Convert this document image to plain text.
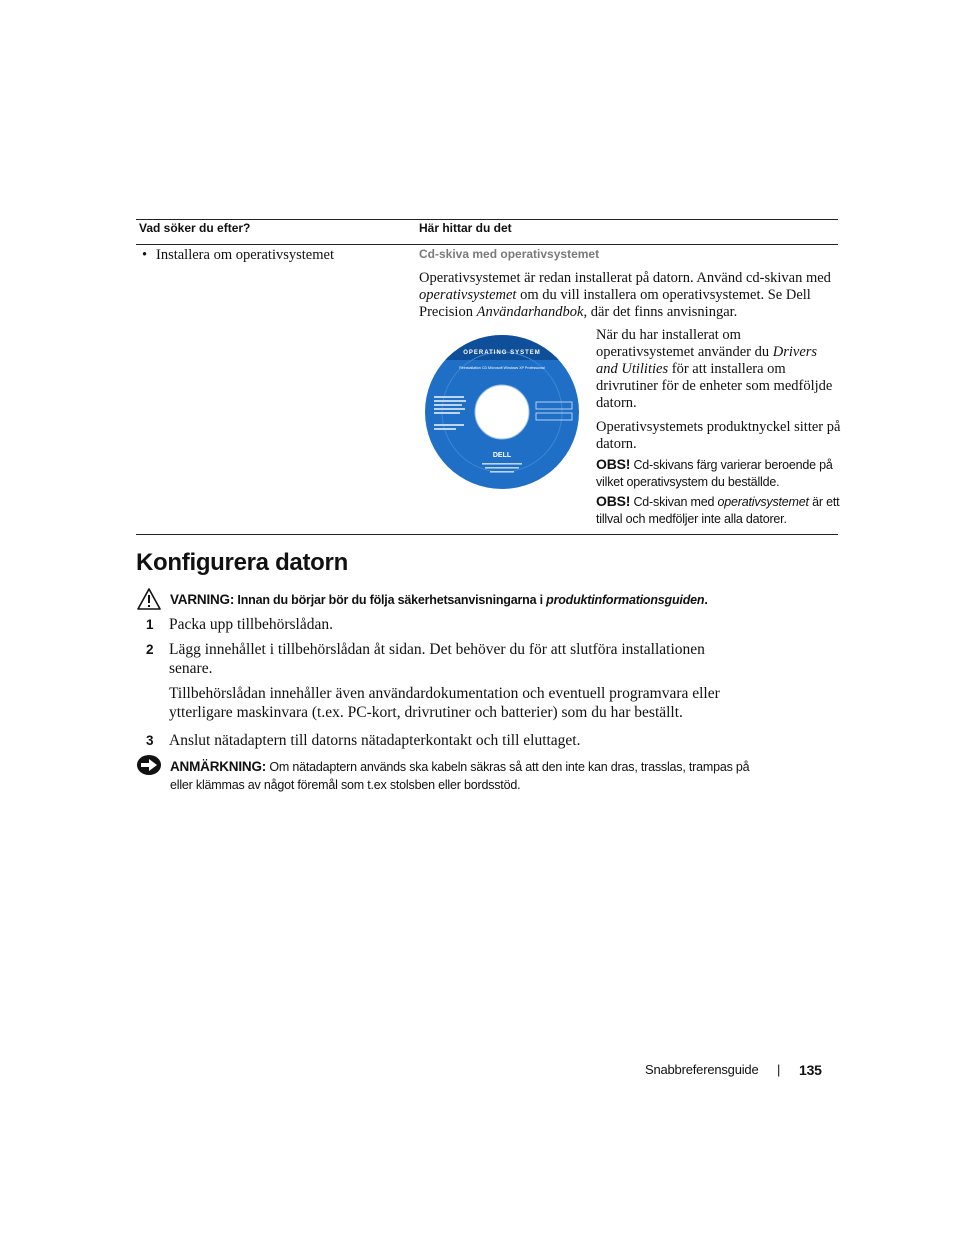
Vad söker du efter?	Här hittar du det
• Installera om operativsystemet	Cd-skiva med operativsystemet
Operativsystemet är redan installerat på datorn. Använd cd-skivan med operativsystemet om du vill installera om operativsystemet. Se Dell Precision Användarhandbok, där det finns anvisningar.
OPERATING SYSTEM
Reinstallation CD Microsoft Windows XP Professional
DELL
När du har installerat om operativsystemet använder du Drivers and Utilities för att installera om drivrutiner för de enheter som medföljde datorn.
Operativsystemets produktnyckel sitter på datorn.
OBS! Cd-skivans färg varierar beroende på vilket operativsystem du beställde.
OBS! Cd-skivan med operativsystemet är ett tillval och medföljer inte alla datorer.
Konfigurera datorn
VARNING: Innan du börjar bör du följa säkerhetsanvisningarna i produktinformationsguiden.
1 Packa upp tillbehörslådan.
2 Lägg innehållet i tillbehörslådan åt sidan. Det behöver du för att slutföra installationen senare.
Tillbehörslådan innehåller även användardokumentation och eventuell programvara eller ytterligare maskinvara (t.ex. PC-kort, drivrutiner och batterier) som du har beställt.
3 Anslut nätadaptern till datorns nätadapterkontakt och till eluttaget.
ANMÄRKNING: Om nätadaptern används ska kabeln säkras så att den inte kan dras, trasslas, trampas på eller klämmas av något föremål som t.ex stolsben eller bordsstöd.
Snabbreferensguide | 135
